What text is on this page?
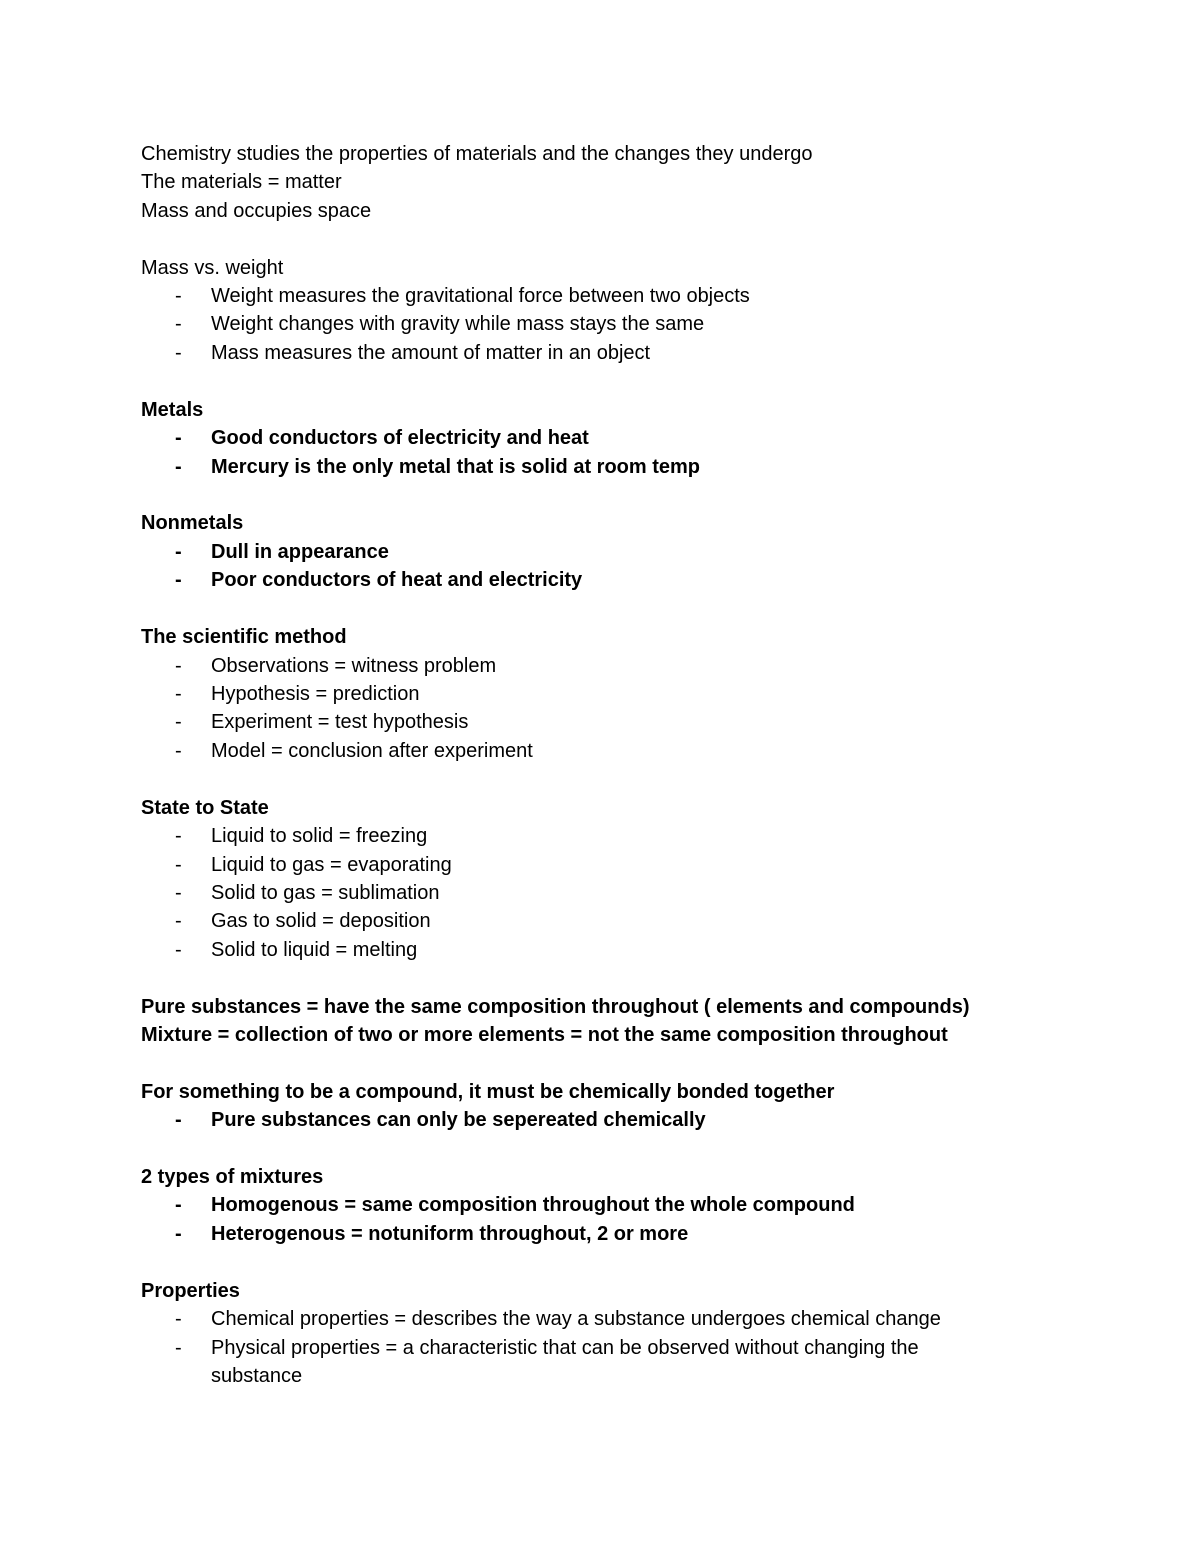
Chemistry studies the properties of materials and the changes they undergo
The materials = matter
Mass and occupies space
Mass vs. weight
-	Weight measures the gravitational force between two objects
-	Weight changes with gravity while mass stays the same
-	Mass measures the amount of matter in an object
Metals
-	Good conductors of electricity and heat
-	Mercury is the only metal that is solid at room temp
Nonmetals
-	Dull in appearance
-	Poor conductors of heat and electricity
The scientific method
-	Observations = witness problem
-	Hypothesis = prediction
-	Experiment = test hypothesis
-	Model = conclusion after experiment
State to State
-	Liquid to solid = freezing
-	Liquid to gas = evaporating
-	Solid to gas = sublimation
-	Gas to solid = deposition
-	Solid to liquid = melting
Pure substances = have the same composition throughout ( elements and compounds)
Mixture = collection of two or more elements = not the same composition throughout
For something to be a compound, it must be chemically bonded together
-	Pure substances can only be sepereated chemically
2 types of mixtures
-	Homogenous = same composition throughout the whole compound
-	Heterogenous = notuniform throughout, 2 or more
Properties
-	Chemical properties = describes the way a substance undergoes chemical change
-	Physical properties = a characteristic that can be observed without changing the
substance
